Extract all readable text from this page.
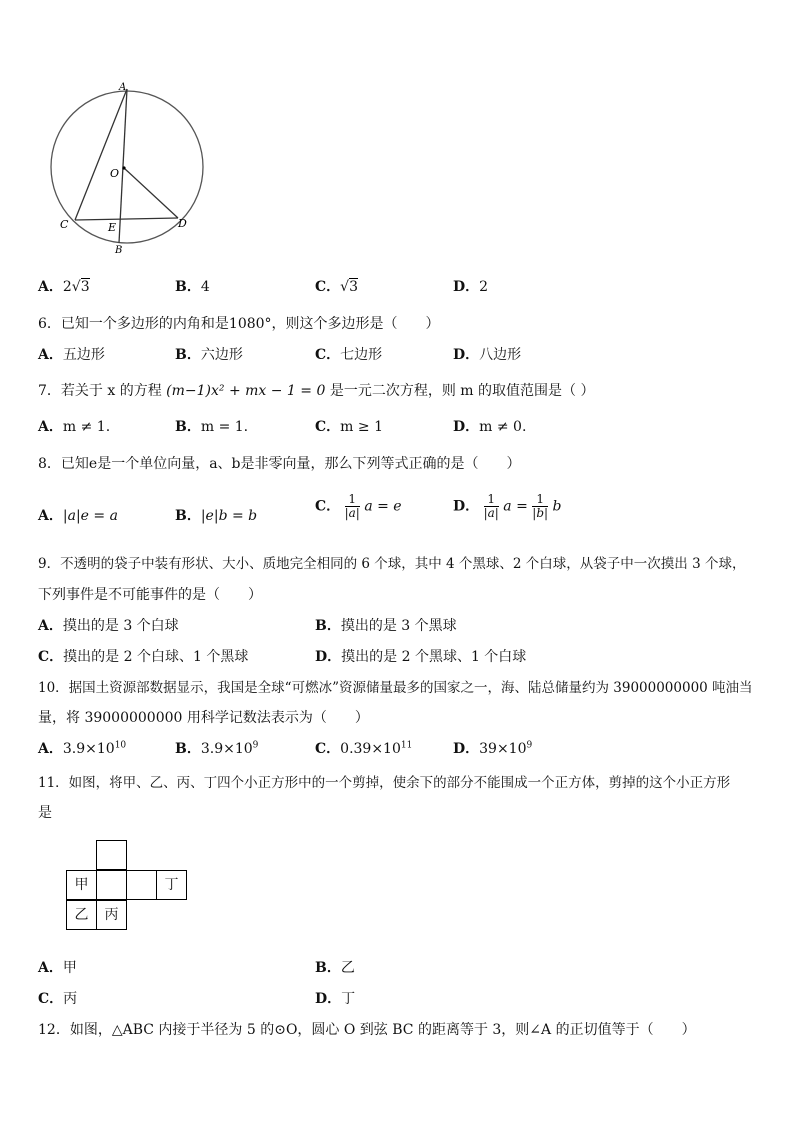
A
O
C	E	D
B
A．2√3	B．4	C．√3	D．2
6．已知一个多边形的内角和是1080°，则这个多边形是（　　）
A．五边形	B．六边形	C．七边形	D．八边形
7．若关于 x 的方程 (m−1)x² + mx − 1 = 0 是一元二次方程，则 m 的取值范围是（ ）
A．m ≠ 1.	B．m = 1.	C．m ≥ 1	D．m ≠ 0.
8．已知e是一个单位向量，a、b是非零向量，那么下列等式正确的是（　　）
A．|a|e = a	B．|e|b = b
C． $\frac{1}{|a|}$ a = e	D． $\frac{1}{|a|}$ $a = \frac{1}{|b|}$ b
9．不透明的袋子中装有形状、大小、质地完全相同的 6 个球，其中 4 个黑球、2 个白球，从袋子中一次摸出 3 个球，
下列事件是不可能事件的是（　　）
A．摸出的是 3 个白球	B．摸出的是 3 个黑球
C．摸出的是 2 个白球、1 个黑球	D．摸出的是 2 个黑球、1 个白球
10．据国土资源部数据显示，我国是全球“可燃冰”资源储量最多的国家之一，海、陆总储量约为 39000000000 吨油当
量，将 39000000000 用科学记数法表示为（　　）
A．$3.9\times 10^{10}$	B．$3.9\times 10^9$	C．$0.39\times 10^{11}$	D．$39\times 10^9$
11．如图，将甲、乙、丙、丁四个小正方形中的一个剪掉，使余下的部分不能围成一个正方体，剪掉的这个小正方形
是
甲	丁
乙	丙
A．甲	B．乙
C．丙	D．丁
12．如图，△ABC 内接于半径为 5 的⊙O，圆心 O 到弦 BC 的距离等于 3，则∠A 的正切值等于（　　）
